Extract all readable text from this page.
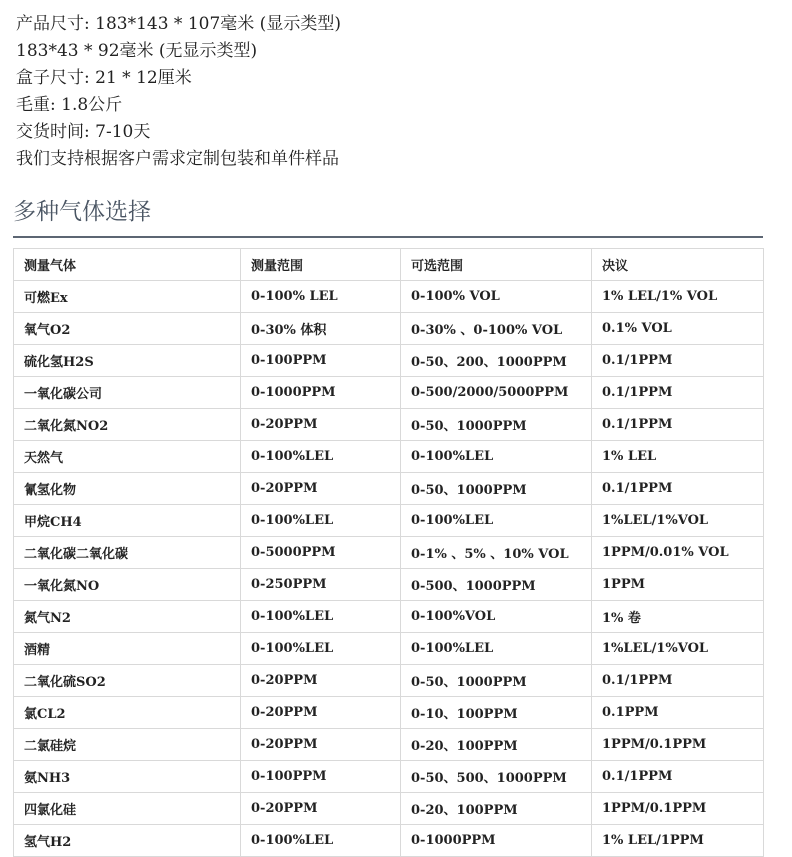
产品尺寸: 183*143 * 107毫米 (显示类型)
183*43 * 92毫米 (无显示类型)
盒子尺寸: 21 * 12厘米
毛重: 1.8公斤
交货时间: 7-10天
我们支持根据客户需求定制包装和单件样品
多种气体选择
测量气体	测量范围	可选范围	决议
可燃Ex	0-100% LEL	0-100% VOL	1% LEL/1% VOL
氧气O2	0-30% 体积	0-30% 、0-100% VOL	0.1% VOL
硫化氢H2S	0-100PPM	0-50、200、1000PPM	0.1/1PPM
一氧化碳公司	0-1000PPM	0-500/2000/5000PPM	0.1/1PPM
二氧化氮NO2	0-20PPM	0-50、1000PPM	0.1/1PPM
天然气	0-100%LEL	0-100%LEL	1% LEL
氰氢化物	0-20PPM	0-50、1000PPM	0.1/1PPM
甲烷CH4	0-100%LEL	0-100%LEL	1%LEL/1%VOL
二氧化碳二氧化碳	0-5000PPM	0-1% 、5% 、10% VOL	1PPM/0.01% VOL
一氧化氮NO	0-250PPM	0-500、1000PPM	1PPM
氮气N2	0-100%LEL	0-100%VOL	1% 卷
酒精	0-100%LEL	0-100%LEL	1%LEL/1%VOL
二氧化硫SO2	0-20PPM	0-50、1000PPM	0.1/1PPM
氯CL2	0-20PPM	0-10、100PPM	0.1PPM
二氯硅烷	0-20PPM	0-20、100PPM	1PPM/0.1PPM
氨NH3	0-100PPM	0-50、500、1000PPM	0.1/1PPM
四氯化硅	0-20PPM	0-20、100PPM	1PPM/0.1PPM
氢气H2	0-100%LEL	0-1000PPM	1% LEL/1PPM
